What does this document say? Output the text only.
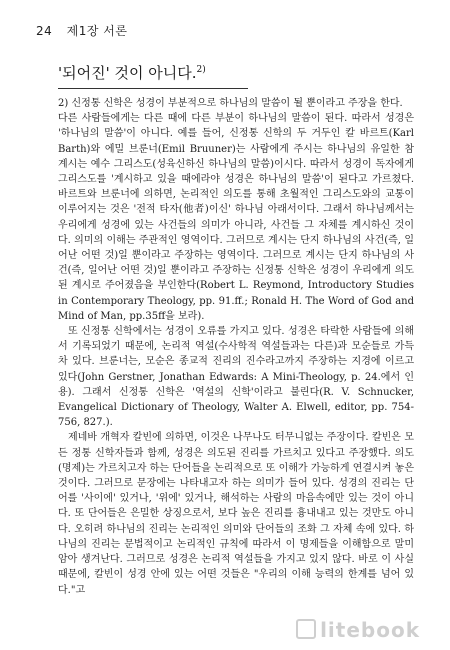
24 제1장 서론
'되어진' 것이 아니다.$^{2)}$

2) 신정통 신학은 성경이 부분적으로 하나님의 말씀이 될 뿐이라고 주장을 한다.

다른 사람들에게는 다른 때에 다른 부분이 하나님의 말씀이 된다. 따라서 성경은 '하나님의 말씀'이 아니다. 예를 들어, 신정통 신학의 두 거두인 칼 바르트(Karl Barth)와 에밀 브룬너(Emil Bruuner)는 사람에게 주시는 하나님의 유일한 참 계시는 예수 그리스도(성육신하신 하나님의 말씀)이시다. 따라서 성경이 독자에게 그리스도를 '계시하고 있을 때에라야 성경은 하나님의 말씀'이 된다고 가르쳤다. 바르트와 브룬너에 의하면, 논리적인 의도를 통해 초월적인 그리스도와의 교통이 이루어지는 것은 '전적 타자(他者)이신' 하나님 아래서이다. 그래서 하나님께서는 우리에게 성경에 있는 사건들의 의미가 아니라, 사건들 그 자체를 계시하신 것이다. 의미의 이해는 주관적인 영역이다. 그러므로 계시는 단지 하나님의 사건(즉, 일어난 어떤 것)일 뿐이라고 주장하는 영역이다. 그러므로 계시는 단지 하나님의 사건(즉, 일어난 어떤 것)일 뿐이라고 주장하는 신정통 신학은 성경이 우리에게 의도된 계시로 주어졌음을 부인한다(Robert L. Reymond, Introductory Studies in Contemporary Theology, pp. 91.ff.; Ronald H. The Word of God and Mind of Man, pp.35ff을 보라).

또 신정통 신학에서는 성경이 오류를 가지고 있다. 성경은 타락한 사람들에 의해서 기록되었기 때문에, 논리적 역설(수사학적 역설들과는 다른)과 모순들로 가득 차 있다. 브룬너는, 모순은 종교적 진리의 진수라고까지 주장하는 지경에 이르고 있다(John Gerstner, Jonathan Edwards: A Mini-Theology, p. 24.에서 인용). 그래서 신정통 신학은 '역설의 신학'이라고 불린다(R. V. Schnucker, Evangelical Dictionary of Theology, Walter A. Elwell, editor, pp. 754-756, 827.).

제네바 개혁자 칼빈에 의하면, 이것은 나무나도 터무니없는 주장이다. 칼빈은 모든 정통 신학자들과 함께, 성경은 의도된 진리를 가르치고 있다고 주장했다. 의도(명제)는 가르치고자 하는 단어들을 논리적으로 또 이해가 가능하게 연결시켜 놓은 것이다. 그러므로 문장에는 나타내고자 하는 의미가 들어 있다. 성경의 진리는 단어를 '사이에' 있거나, '위에' 있거나, 해석하는 사람의 마음속에만 있는 것이 아니다. 또 단어들은 은밀한 상징으로서, 보다 높은 진리를 흉내내고 있는 것만도 아니다. 오히려 하나님의 진리는 논리적인 의미와 단어들의 조화 그 자체 속에 있다. 하나님의 진리는 문법적이고 논리적인 규칙에 따라서 이 명제들을 이해함으로 말미암아 생겨난다. 그러므로 성경은 논리적 역설들을 가지고 있지 않다. 바로 이 사실 때문에, 칼빈이 성경 안에 있는 어떤 것들은 "우리의 이해 능력의 한계를 넘어 있다."고

litebook
